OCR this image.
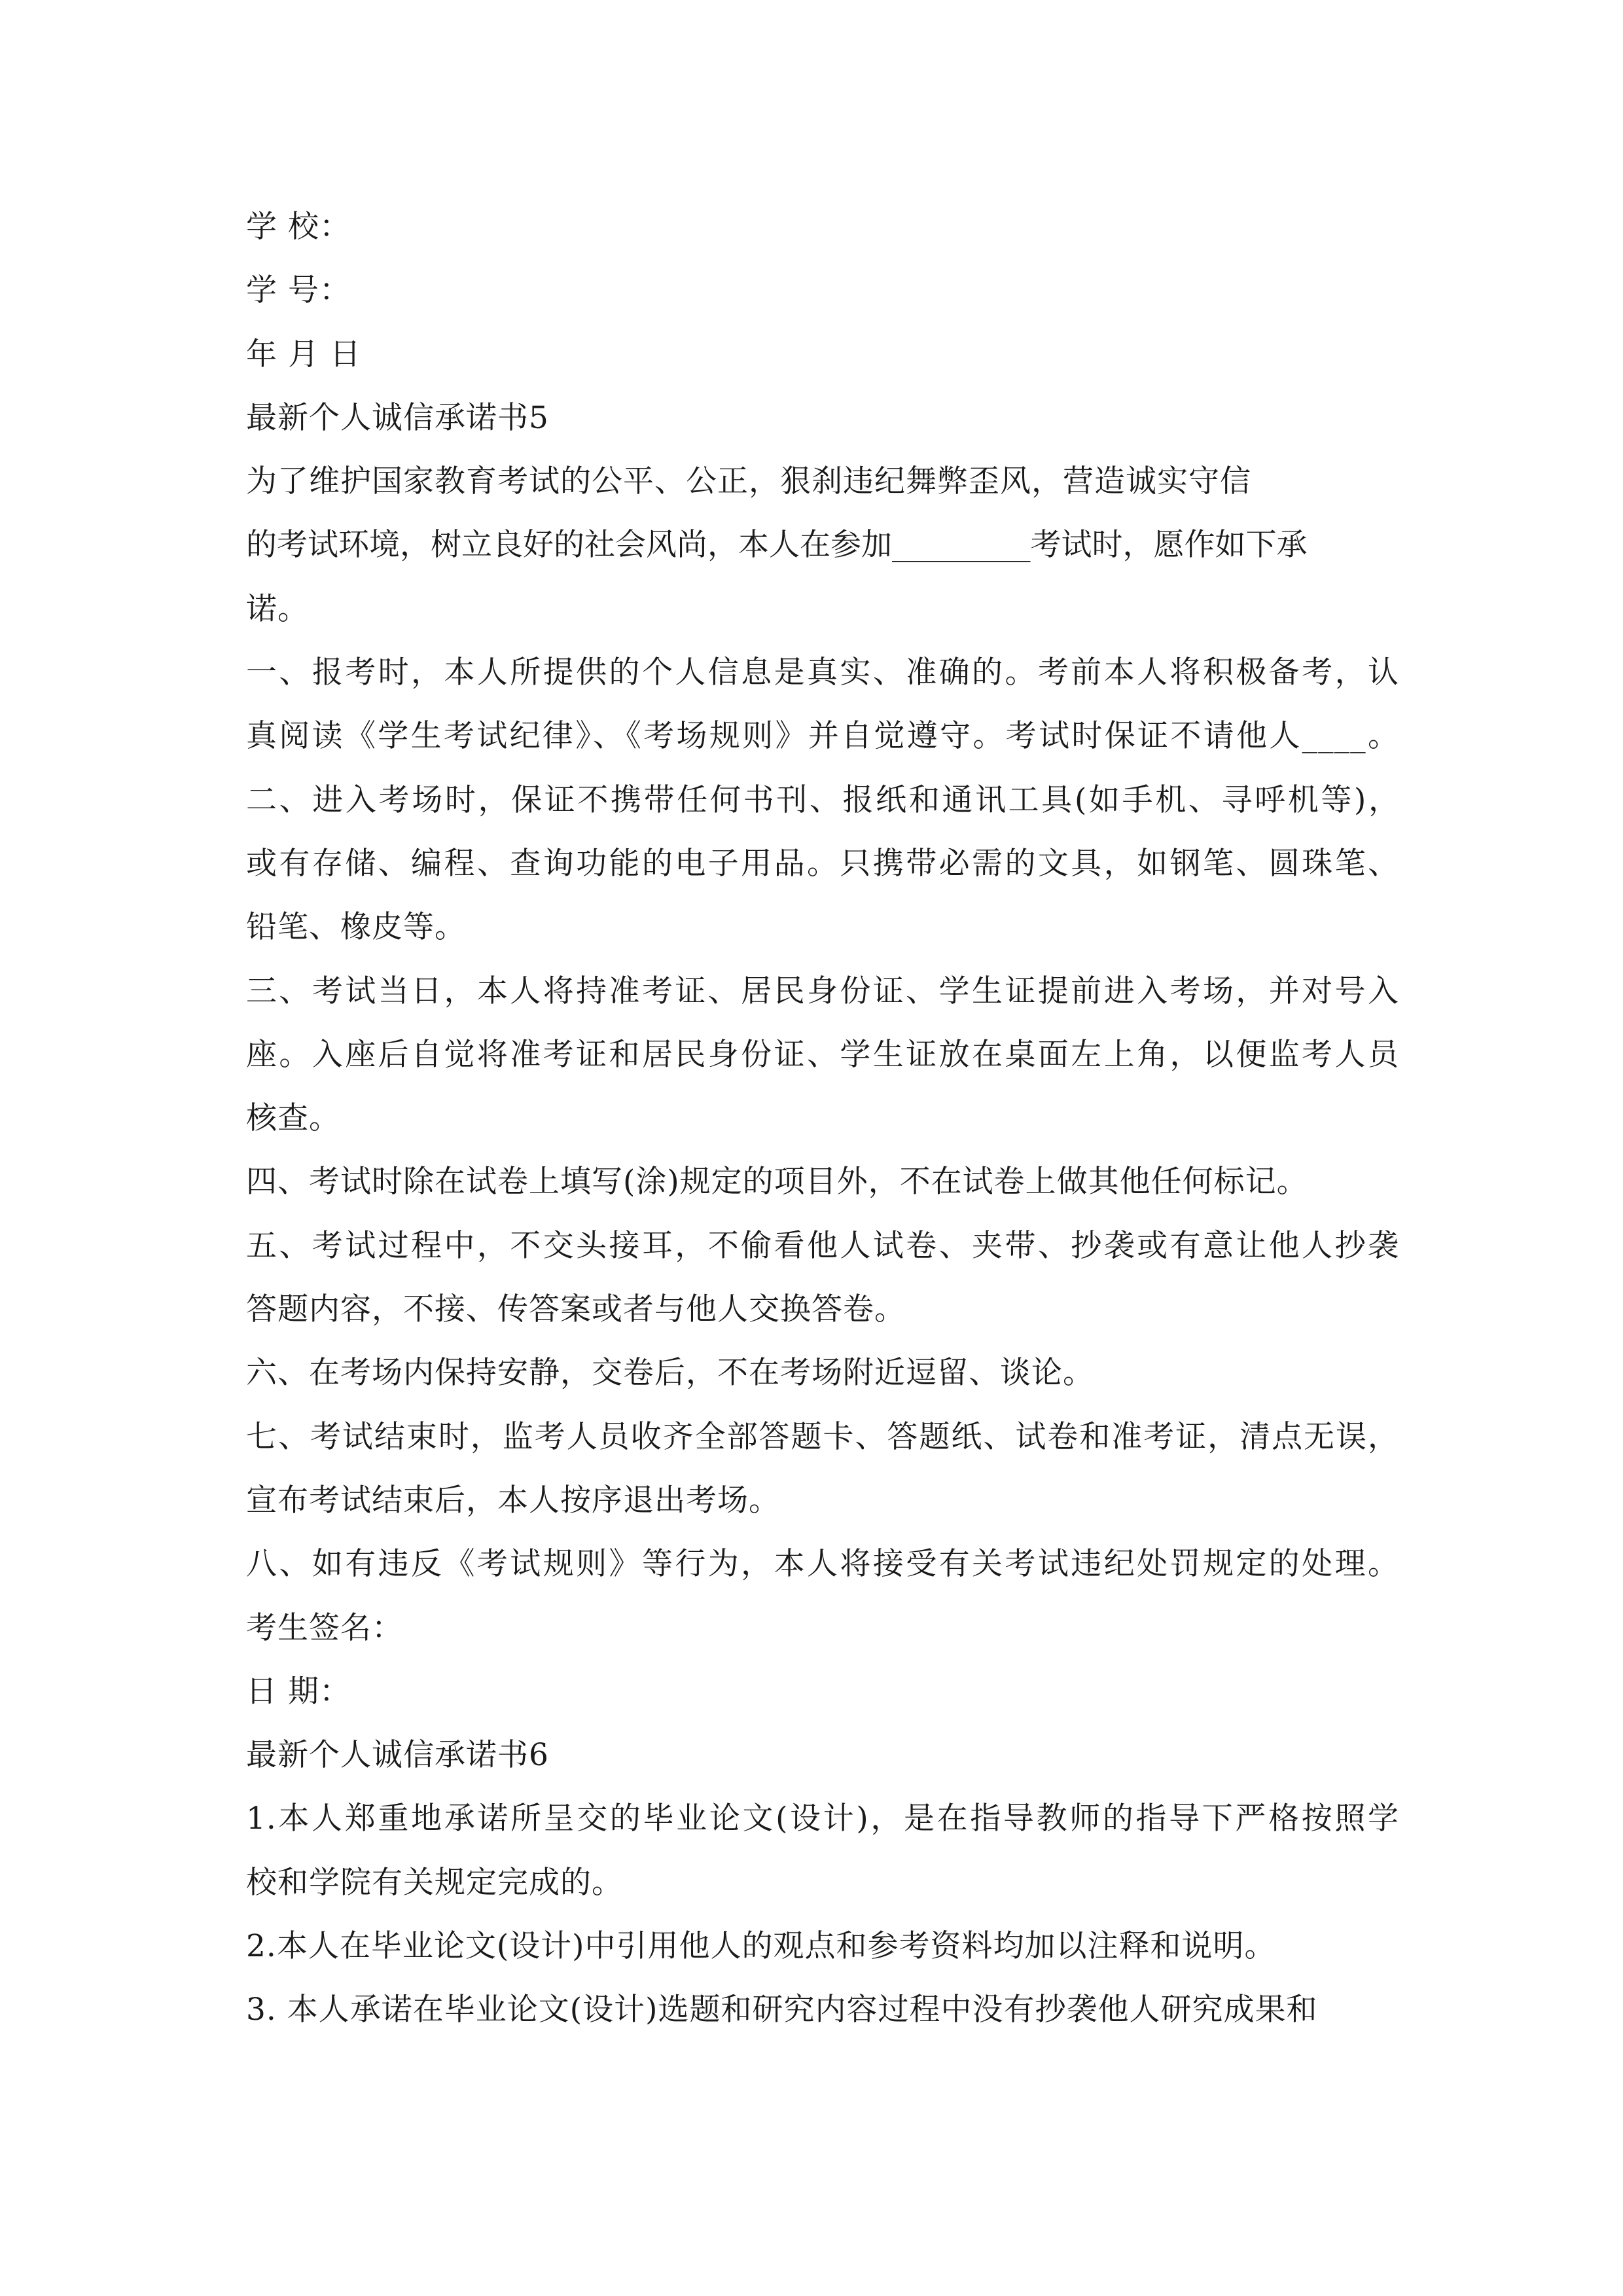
学 校：
学 号：
年 月 日
最新个人诚信承诺书5
为了维护国家教育考试的公平、公正，狠刹违纪舞弊歪风，营造诚实守信
的考试环境，树立良好的社会风尚，本人在参加_________考试时，愿作如下承
诺。
一、报考时，本人所提供的个人信息是真实、准确的。考前本人将积极备考，认
真阅读《学生考试纪律》、《考场规则》并自觉遵守。考试时保证不请他人____。
二、进入考场时，保证不携带任何书刊、报纸和通讯工具(如手机、寻呼机等)，
或有存储、编程、查询功能的电子用品。只携带必需的文具，如钢笔、圆珠笔、
铅笔、橡皮等。
三、考试当日，本人将持准考证、居民身份证、学生证提前进入考场，并对号入
座。入座后自觉将准考证和居民身份证、学生证放在桌面左上角，以便监考人员
核查。
四、考试时除在试卷上填写(涂)规定的项目外，不在试卷上做其他任何标记。
五、考试过程中，不交头接耳，不偷看他人试卷、夹带、抄袭或有意让他人抄袭
答题内容，不接、传答案或者与他人交换答卷。
六、在考场内保持安静，交卷后，不在考场附近逗留、谈论。
七、考试结束时，监考人员收齐全部答题卡、答题纸、试卷和准考证，清点无误，
宣布考试结束后，本人按序退出考场。
八、如有违反《考试规则》等行为，本人将接受有关考试违纪处罚规定的处理。
考生签名：
日 期：
最新个人诚信承诺书6
1.本人郑重地承诺所呈交的毕业论文(设计)，是在指导教师的指导下严格按照学
校和学院有关规定完成的。
2.本人在毕业论文(设计)中引用他人的观点和参考资料均加以注释和说明。
3. 本人承诺在毕业论文(设计)选题和研究内容过程中没有抄袭他人研究成果和
